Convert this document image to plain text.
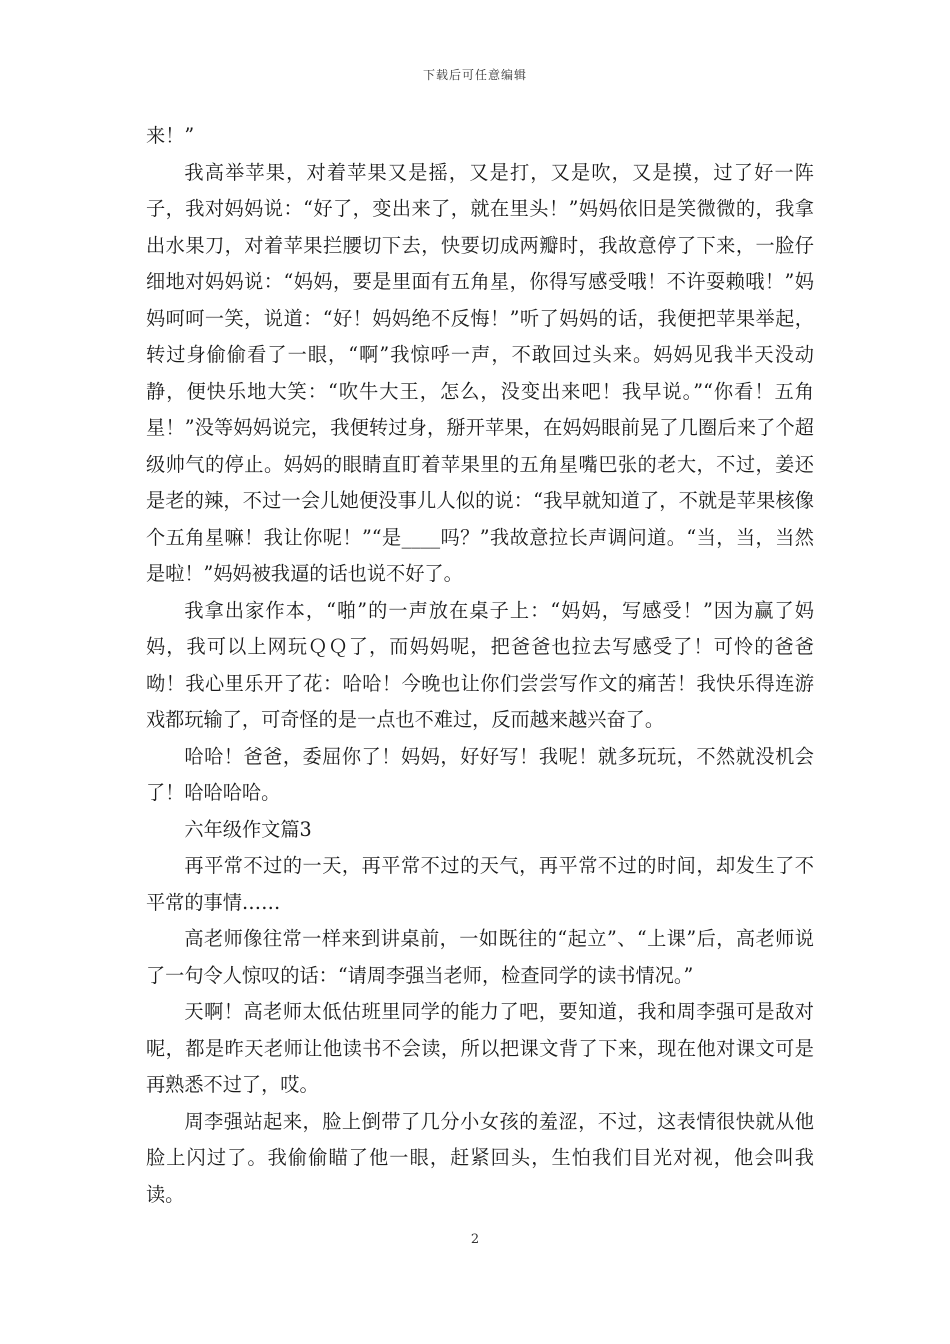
下载后可任意编辑

来！”

我高举苹果，对着苹果又是摇，又是打，又是吹，又是摸，过了好一阵子，我对妈妈说：“好了，变出来了，就在里头！”妈妈依旧是笑微微的，我拿出水果刀，对着苹果拦腰切下去，快要切成两瓣时，我故意停了下来，一脸仔细地对妈妈说：“妈妈，要是里面有五角星，你得写感受哦！不许耍赖哦！”妈妈呵呵一笑，说道：“好！妈妈绝不反悔！”听了妈妈的话，我便把苹果举起，转过身偷偷看了一眼，“啊”我惊呼一声，不敢回过头来。妈妈见我半天没动静，便快乐地大笑：“吹牛大王，怎么，没变出来吧！我早说。”“你看！五角星！”没等妈妈说完，我便转过身，掰开苹果，在妈妈眼前晃了几圈后来了个超级帅气的停止。妈妈的眼睛直盯着苹果里的五角星嘴巴张的老大，不过，姜还是老的辣，不过一会儿她便没事儿人似的说：“我早就知道了，不就是苹果核像个五角星嘛！我让你呢！”“是____吗？”我故意拉长声调问道。“当，当，当然是啦！”妈妈被我逼的话也说不好了。

我拿出家作本，“啪”的一声放在桌子上：“妈妈，写感受！”因为赢了妈妈，我可以上网玩ＱＱ了，而妈妈呢，把爸爸也拉去写感受了！可怜的爸爸呦！我心里乐开了花：哈哈！今晚也让你们尝尝写作文的痛苦！我快乐得连游戏都玩输了，可奇怪的是一点也不难过，反而越来越兴奋了。

哈哈！爸爸，委屈你了！妈妈，好好写！我呢！就多玩玩，不然就没机会了！哈哈哈哈。

六年级作文篇3

再平常不过的一天，再平常不过的天气，再平常不过的时间，却发生了不平常的事情……

高老师像往常一样来到讲桌前，一如既往的“起立”、“上课”后，高老师说了一句令人惊叹的话：“请周李强当老师，检查同学的读书情况。”

天啊！高老师太低估班里同学的能力了吧，要知道，我和周李强可是敌对呢，都是昨天老师让他读书不会读，所以把课文背了下来，现在他对课文可是再熟悉不过了，哎。

周李强站起来，脸上倒带了几分小女孩的羞涩，不过，这表情很快就从他脸上闪过了。我偷偷瞄了他一眼，赶紧回头，生怕我们目光对视，他会叫我读。

2
